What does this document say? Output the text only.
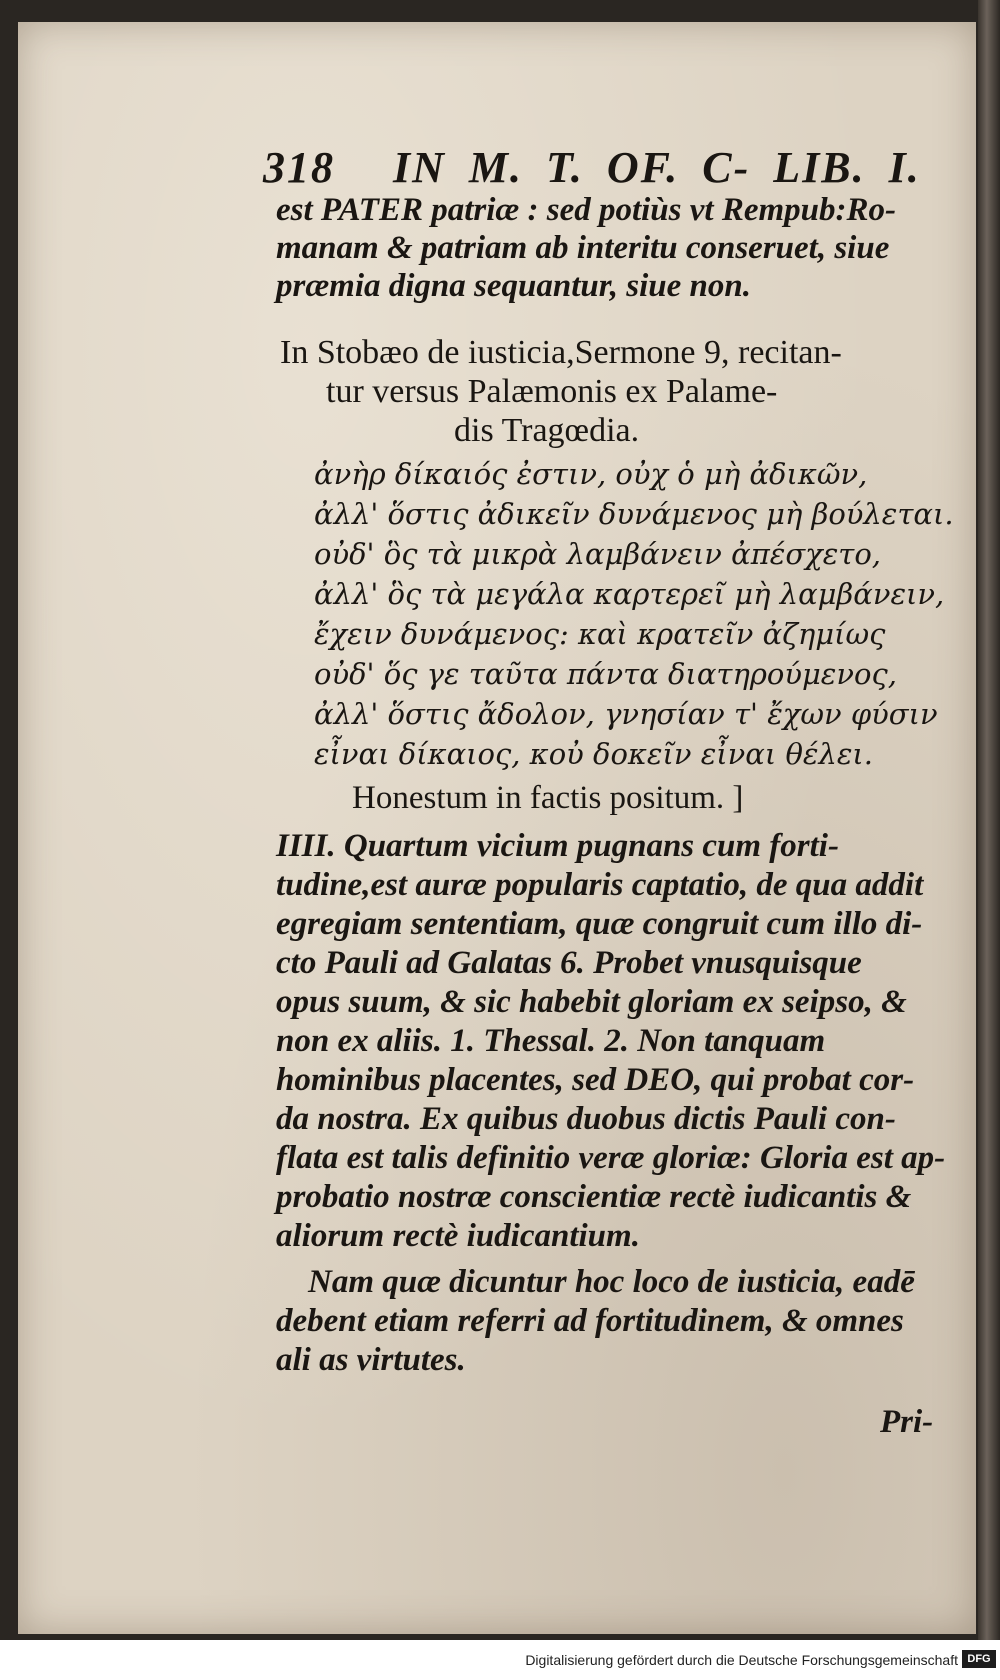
318 IN M. T. OF. C- LIB. I.
est PATER patriæ : sed potiùs vt Rempub:Ro-
manam & patriam ab interitu conseruet, siue
præmia digna sequantur, siue non.
In Stobæo de iusticia,Sermone 9, recitan-
tur versus Palæmonis ex Palame-
dis Tragœdia.
ἀνὴρ δίκαιός ἐστιν, οὐχ ὁ μὴ ἀδικῶν,
ἀλλ' ὅστις ἀδικεῖν δυνάμενος μὴ βούλεται.
οὐδ' ὃς τὰ μικρὰ λαμβάνειν ἀπέσχετο,
ἀλλ' ὃς τὰ μεγάλα καρτερεῖ μὴ λαμβάνειν,
ἔχειν δυνάμενος: καὶ κρατεῖν ἀζημίως
οὐδ' ὅς γε ταῦτα πάντα διατηρούμενος,
ἀλλ' ὅστις ἄδολον, γνησίαν τ' ἔχων φύσιν
εἶναι δίκαιος, κοὐ δοκεῖν εἶναι θέλει.
Honestum in factis positum. ]
IIII. Quartum vicium pugnans cum forti-
tudine,est auræ popularis captatio, de qua addit
egregiam sententiam, quæ congruit cum illo di-
cto Pauli ad Galatas 6. Probet vnusquisque
opus suum, & sic habebit gloriam ex seipso, &
non ex aliis. 1. Thessal. 2. Non tanquam
hominibus placentes, sed DEO, qui probat cor-
da nostra. Ex quibus duobus dictis Pauli con-
flata est talis definitio veræ gloriæ: Gloria est ap-
probatio nostræ conscientiæ rectè iudicantis &
aliorum rectè iudicantium.
Nam quæ dicuntur hoc loco de iusticia, eadē
debent etiam referri ad fortitudinem, & omnes
ali as virtutes.
Pri-
Digitalisierung gefördert durch die Deutsche Forschungsgemeinschaft DFG
